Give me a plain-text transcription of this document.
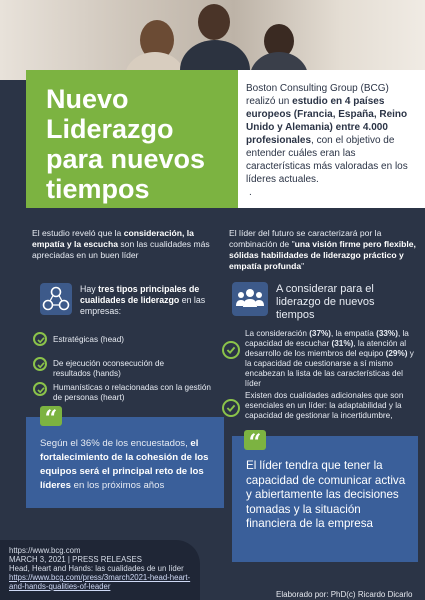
Nuevo
Liderazgo
para nuevos
tiempos

Boston Consulting Group (BCG) realizó un estudio en 4 países europeos (Francia, España, Reino Unido y Alemania) entre 4.000 profesionales, con el objetivo de entender cuáles eran las características más valoradas en los líderes actuales.
.

El estudio reveló que la consideración, la empatía y la escucha son las cualidades más apreciadas en un buen líder

El líder del futuro se caracterizará por la combinación de "una visión firme pero flexible, sólidas habilidades de liderazgo práctico y empatía profunda"

Hay tres tipos principales de cualidades de liderazgo en las empresas:

Estratégicas (head)

De ejecución oconsecución de resultados (hands)

Humanísticas o relacionadas con la gestión de personas (heart)

“

Según el 36% de los encuestados, el fortalecimiento de la cohesión de los equipos será el principal reto de los líderes en los próximos años

A considerar para el liderazgo de nuevos tiempos

La consideración (37%), la empatía (33%), la capacidad de escuchar (31%), la atención al desarrollo de los miembros del equipo (29%) y la capacidad de cuestionarse a sí mismo encabezan la lista de las características del líder

Existen dos cualidades adicionales que son esenciales en un líder: la adaptabilidad y la capacidad de gestionar la incertidumbre,

“

El líder tendra que tener la capacidad de comunicar activa y abiertamente las decisiones tomadas y la situación financiera de la empresa

https://www.bcg.com

MARCH 3, 2021 | PRESS RELEASES

Head, Heart and Hands: las cualidades de un líder

https://www.bcg.com/press/3march2021-head-heart-

and-hands-qualities-of-leader

Elaborado por: PhD(c) Ricardo Dicarlo
